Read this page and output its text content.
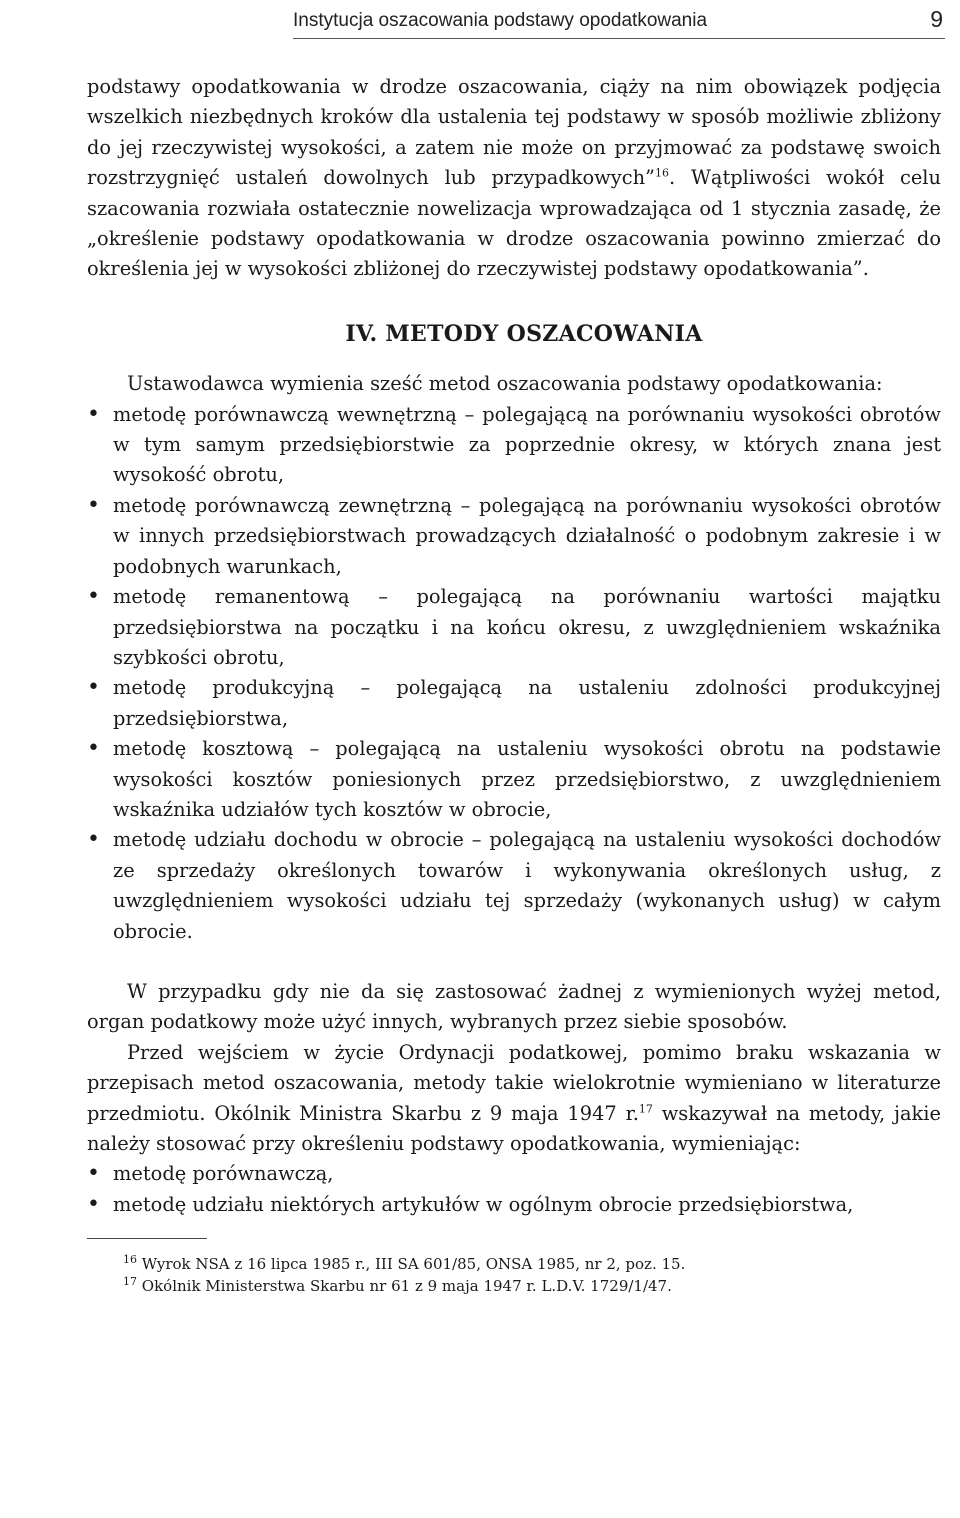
Instytucja oszacowania podstawy opodatkowania	9

podstawy opodatkowania w drodze oszacowania, ciąży na nim obowiązek podjęcia wszelkich niezbędnych kroków dla ustalenia tej podstawy w sposób możliwie zbliżony do jej rzeczywistej wysokości, a zatem nie może on przyjmować za podstawę swoich rozstrzygnięć ustaleń dowolnych lub przypadkowych”$^{16}$. Wątpliwości wokół celu szacowania rozwiała ostatecznie nowelizacja wprowadzająca od 1 stycznia zasadę, że „określenie podstawy opodatkowania w drodze oszacowania powinno zmierzać do określenia jej w wysokości zbliżonej do rzeczywistej podstawy opodatkowania”.

IV. METODY OSZACOWANIA

Ustawodawca wymienia sześć metod oszacowania podstawy opodatkowania:

• metodę porównawczą wewnętrzną – polegającą na porównaniu wysokości obrotów w tym samym przedsiębiorstwie za poprzednie okresy, w których znana jest wysokość obrotu,
• metodę porównawczą zewnętrzną – polegającą na porównaniu wysokości obrotów w innych przedsiębiorstwach prowadzących działalność o podobnym zakresie i w podobnych warunkach,
• metodę remanentową – polegającą na porównaniu wartości majątku przedsiębiorstwa na początku i na końcu okresu, z uwzględnieniem wskaźnika szybkości obrotu,
• metodę produkcyjną – polegającą na ustaleniu zdolności produkcyjnej przedsiębiorstwa,
• metodę kosztową – polegającą na ustaleniu wysokości obrotu na podstawie wysokości kosztów poniesionych przez przedsiębiorstwo, z uwzględnieniem wskaźnika udziałów tych kosztów w obrocie,
• metodę udziału dochodu w obrocie – polegającą na ustaleniu wysokości dochodów ze sprzedaży określonych towarów i wykonywania określonych usług, z uwzględnieniem wysokości udziału tej sprzedaży (wykonanych usług) w całym obrocie.

W przypadku gdy nie da się zastosować żadnej z wymienionych wyżej metod, organ podatkowy może użyć innych, wybranych przez siebie sposobów.

Przed wejściem w życie Ordynacji podatkowej, pomimo braku wskazania w przepisach metod oszacowania, metody takie wielokrotnie wymieniano w literaturze przedmiotu. Okólnik Ministra Skarbu z 9 maja 1947 r.$^{17}$ wskazywał na metody, jakie należy stosować przy określeniu podstawy opodatkowania, wymieniając:

• metodę porównawczą,
• metodę udziału niektórych artykułów w ogólnym obrocie przedsiębiorstwa,

$^{16}$ Wyrok NSA z 16 lipca 1985 r., III SA 601/85, ONSA 1985, nr 2, poz. 15.

$^{17}$ Okólnik Ministerstwa Skarbu nr 61 z 9 maja 1947 r. L.D.V. 1729/1/47.
